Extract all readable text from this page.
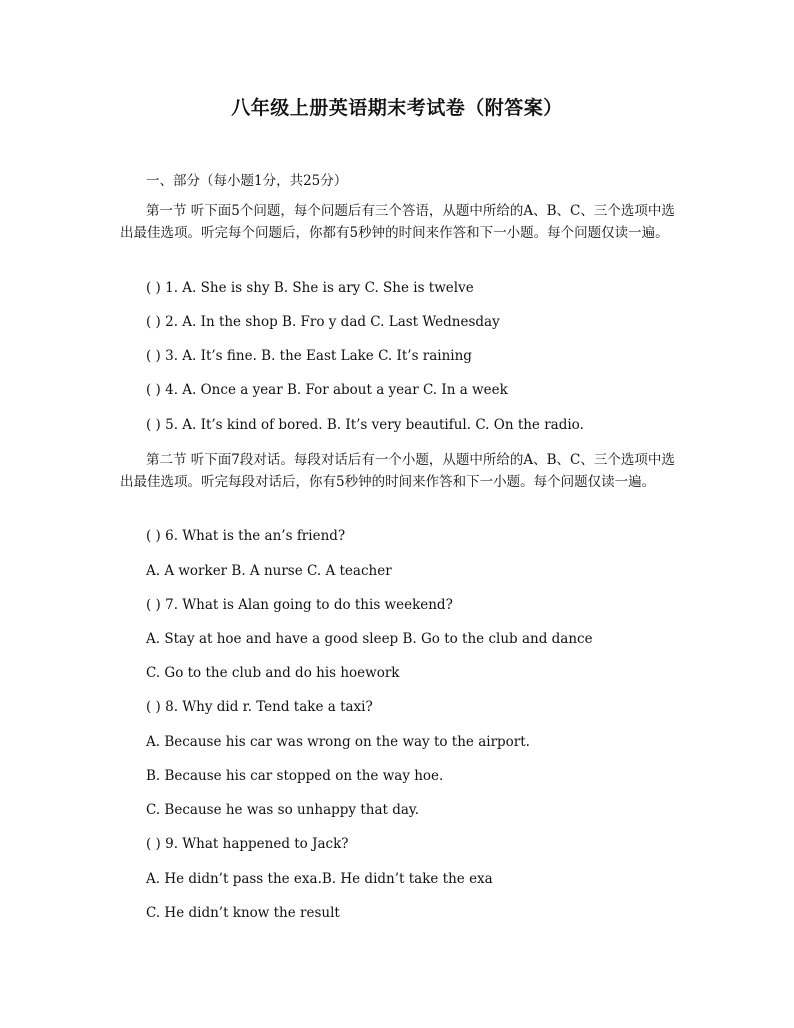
八年级上册英语期末考试卷（附答案）
一、部分（每小题1分，共25分）
第一节 听下面5个问题，每个问题后有三个答语，从题中所给的A、B、C、三个选项中选出最佳选项。听完每个问题后，你都有5秒钟的时间来作答和下一小题。每个问题仅读一遍。
( ) 1. A. She is shy B. She is ary C. She is twelve
( ) 2. A. In the shop B. Fro y dad C. Last Wednesday
( ) 3. A. It’s fine. B. the East Lake C. It’s raining
( ) 4. A. Once a year B. For about a year C. In a week
( ) 5. A. It’s kind of bored. B. It’s very beautiful. C. On the radio.
第二节 听下面7段对话。每段对话后有一个小题，从题中所给的A、B、C、三个选项中选出最佳选项。听完每段对话后，你有5秒钟的时间来作答和下一小题。每个问题仅读一遍。
( ) 6. What is the an’s friend?
A. A worker B. A nurse C. A teacher
( ) 7. What is Alan going to do this weekend?
A. Stay at hoe and have a good sleep B. Go to the club and dance
C. Go to the club and do his hoework
( ) 8. Why did r. Tend take a taxi?
A. Because his car was wrong on the way to the airport.
B. Because his car stopped on the way hoe.
C. Because he was so unhappy that day.
( ) 9. What happened to Jack?
A. He didn’t pass the exa.B. He didn’t take the exa
C. He didn’t know the result
